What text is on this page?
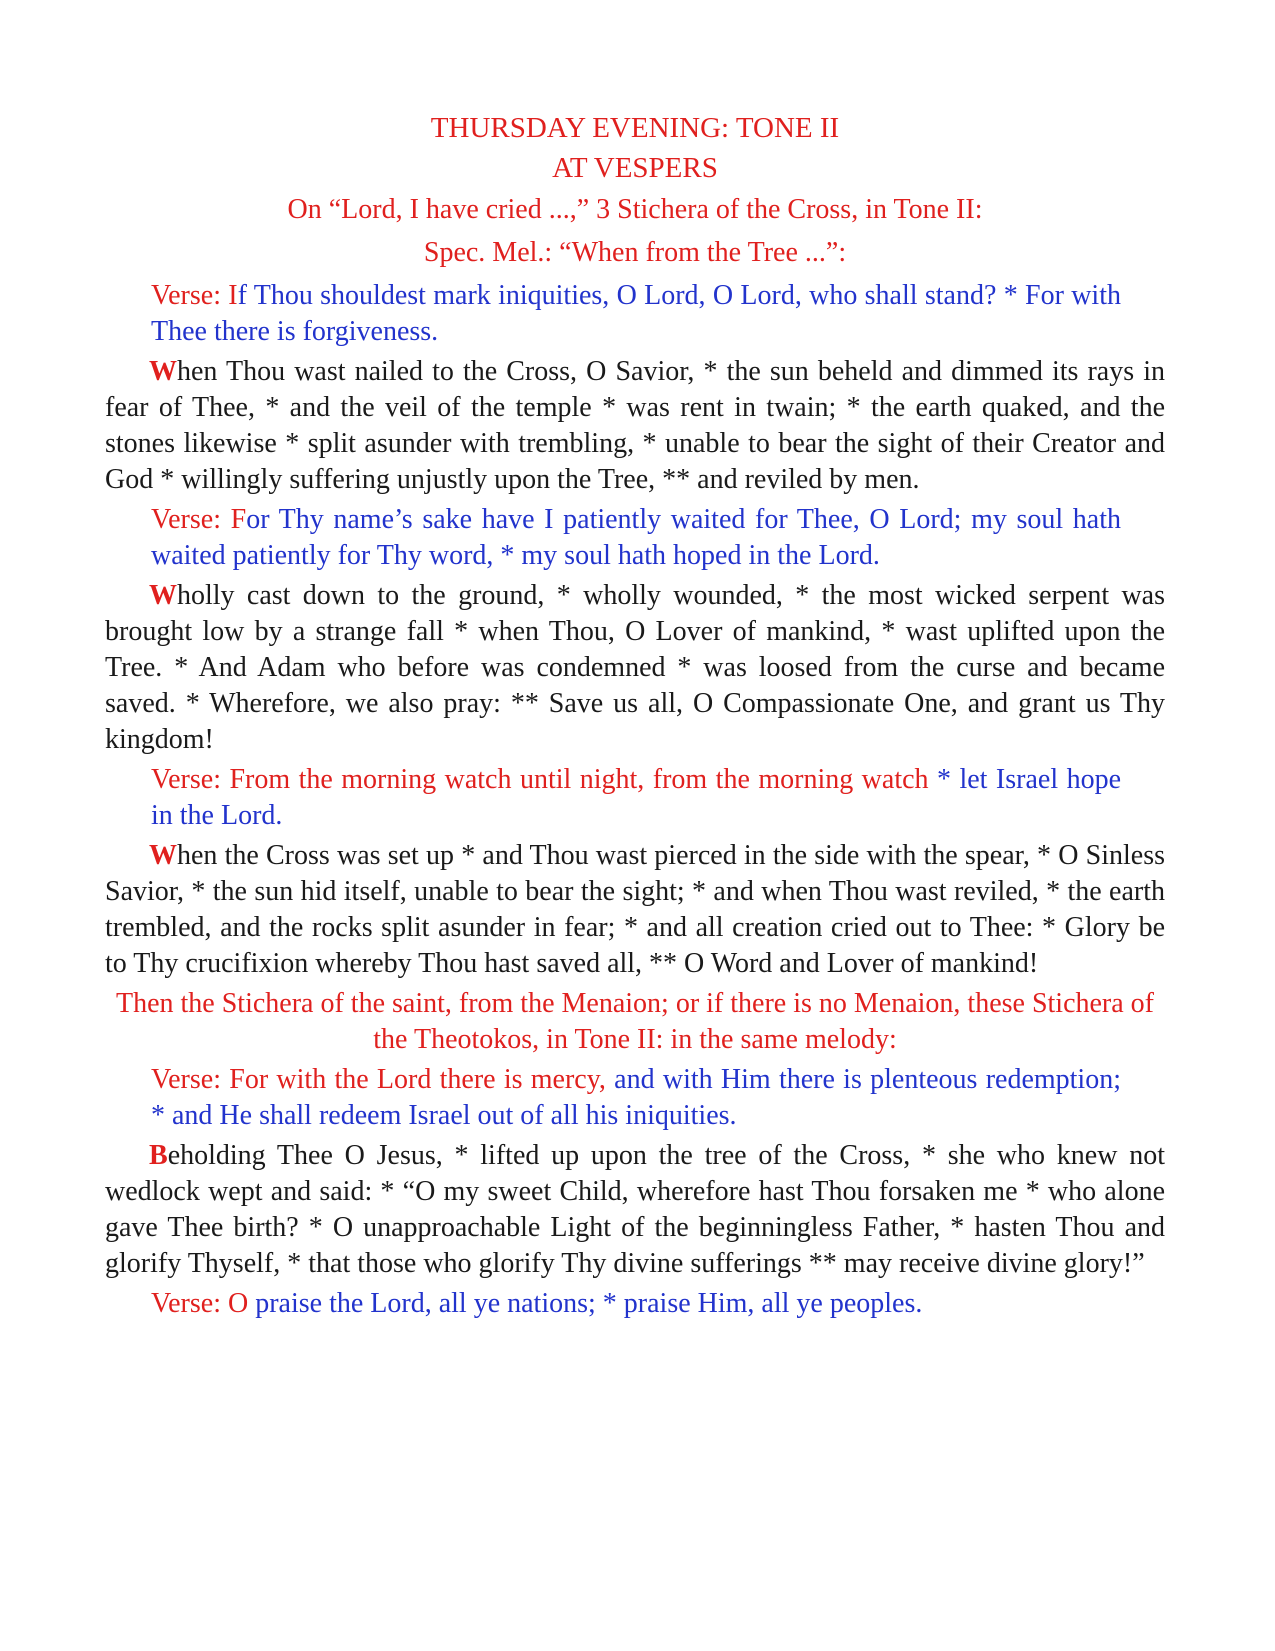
THURSDAY EVENING: TONE II

AT VESPERS

On “Lord, I have cried ...,” 3 Stichera of the Cross, in Tone II:

Spec. Mel.: “When from the Tree ...”:

Verse: If Thou shouldest mark iniquities, O Lord, O Lord, who shall stand? * For with Thee there is forgiveness.

When Thou wast nailed to the Cross, O Savior, * the sun beheld and dimmed its rays in fear of Thee, * and the veil of the temple * was rent in twain; * the earth quaked, and the stones likewise * split asunder with trembling, * unable to bear the sight of their Creator and God * willingly suffering unjustly upon the Tree, ** and reviled by men.

Verse: For Thy name’s sake have I patiently waited for Thee, O Lord; my soul hath waited patiently for Thy word, * my soul hath hoped in the Lord.

Wholly cast down to the ground, * wholly wounded, * the most wicked serpent was brought low by a strange fall * when Thou, O Lover of mankind, * wast uplifted upon the Tree. * And Adam who before was condemned * was loosed from the curse and became saved. * Wherefore, we also pray: ** Save us all, O Compassionate One, and grant us Thy kingdom!

Verse: From the morning watch until night, from the morning watch * let Israel hope in the Lord.

When the Cross was set up * and Thou wast pierced in the side with the spear, * O Sinless Savior, * the sun hid itself, unable to bear the sight; * and when Thou wast reviled, * the earth trembled, and the rocks split asunder in fear; * and all creation cried out to Thee: * Glory be to Thy crucifixion whereby Thou hast saved all, ** O Word and Lover of mankind!

Then the Stichera of the saint, from the Menaion; or if there is no Menaion, these Stichera of the Theotokos, in Tone II: in the same melody:

Verse: For with the Lord there is mercy, and with Him there is plenteous redemption; * and He shall redeem Israel out of all his iniquities.

Beholding Thee O Jesus, * lifted up upon the tree of the Cross, * she who knew not wedlock wept and said: * “O my sweet Child, wherefore hast Thou forsaken me * who alone gave Thee birth? * O unapproachable Light of the beginningless Father, * hasten Thou and glorify Thyself, * that those who glorify Thy divine sufferings ** may receive divine glory!”

Verse: O praise the Lord, all ye nations; * praise Him, all ye peoples.
